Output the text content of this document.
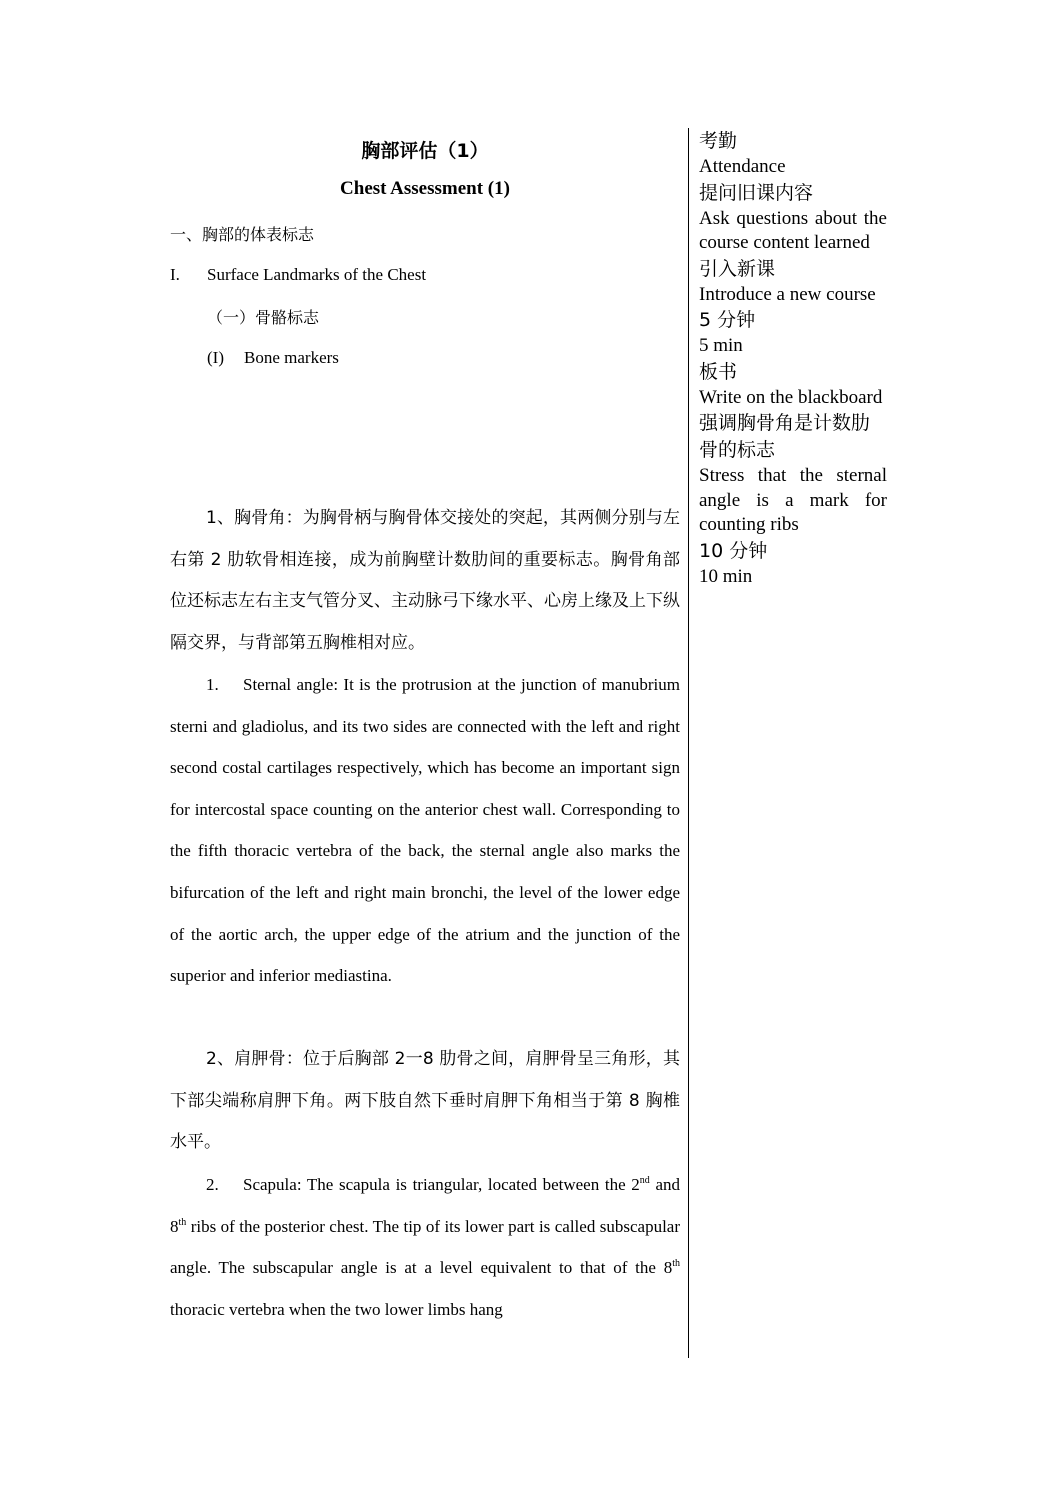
胸部评估（1）
Chest Assessment (1)
一、胸部的体表标志
I. Surface Landmarks of the Chest
（一）骨骼标志
(I) Bone markers
1、胸骨角：为胸骨柄与胸骨体交接处的突起，其两侧分别与左右第 2 肋软骨相连接，成为前胸壁计数肋间的重要标志。胸骨角部位还标志左右主支气管分叉、主动脉弓下缘水平、心房上缘及上下纵隔交界，与背部第五胸椎相对应。
1. Sternal angle: It is the protrusion at the junction of manubrium sterni and gladiolus, and its two sides are connected with the left and right second costal cartilages respectively, which has become an important sign for intercostal space counting on the anterior chest wall. Corresponding to the fifth thoracic vertebra of the back, the sternal angle also marks the bifurcation of the left and right main bronchi, the level of the lower edge of the aortic arch, the upper edge of the atrium and the junction of the superior and inferior mediastina.
2、肩胛骨：位于后胸部 2一8 肋骨之间，肩胛骨呈三角形，其下部尖端称肩胛下角。两下肢自然下垂时肩胛下角相当于第 8 胸椎水平。
2. Scapula: The scapula is triangular, located between the 2nd and 8th ribs of the posterior chest. The tip of its lower part is called subscapular angle. The subscapular angle is at a level equivalent to that of the 8th thoracic vertebra when the two lower limbs hang

考勤

Attendance

提问旧课内容

Ask questions about the course content learned

引入新课

Introduce a new course

5 分钟

5 min

板书

Write on the blackboard

强调胸骨角是计数肋骨的标志

Stress that the sternal angle is a mark for counting ribs

10 分钟

10 min
